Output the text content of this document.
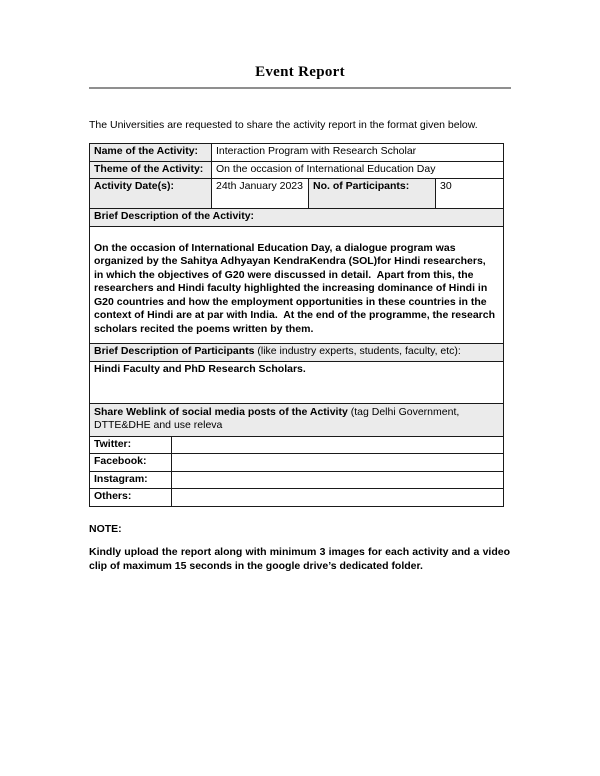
Event Report

The Universities are requested to share the activity report in the format given below.

Name of the Activity:	Interaction Program with Research Scholar
Theme of the Activity:	On the occasion of International Education Day
Activity Date(s):	24th January 2023 No. of Participants:	30
Brief Description of the Activity:
On the occasion of International Education Day, a dialogue program was organized by the Sahitya Adhyayan KendraKendra (SOL)for Hindi researchers, in which the objectives of G20 were discussed in detail.  Apart from this, the researchers and Hindi faculty highlighted the increasing dominance of Hindi in G20 countries and how the employment opportunities in these countries in the context of Hindi are at par with India.  At the end of the programme, the research scholars recited the poems written by them.
Brief Description of Participants (like industry experts, students, faculty, etc):
Hindi Faculty and PhD Research Scholars.
Share Weblink of social media posts of the Activity (tag Delhi Government, DTTE&DHE and use releva
Twitter:
Facebook:
Instagram:
Others:

NOTE:

Kindly upload the report along with minimum 3 images for each activity and a video clip of maximum 15 seconds in the google drive’s dedicated folder.
